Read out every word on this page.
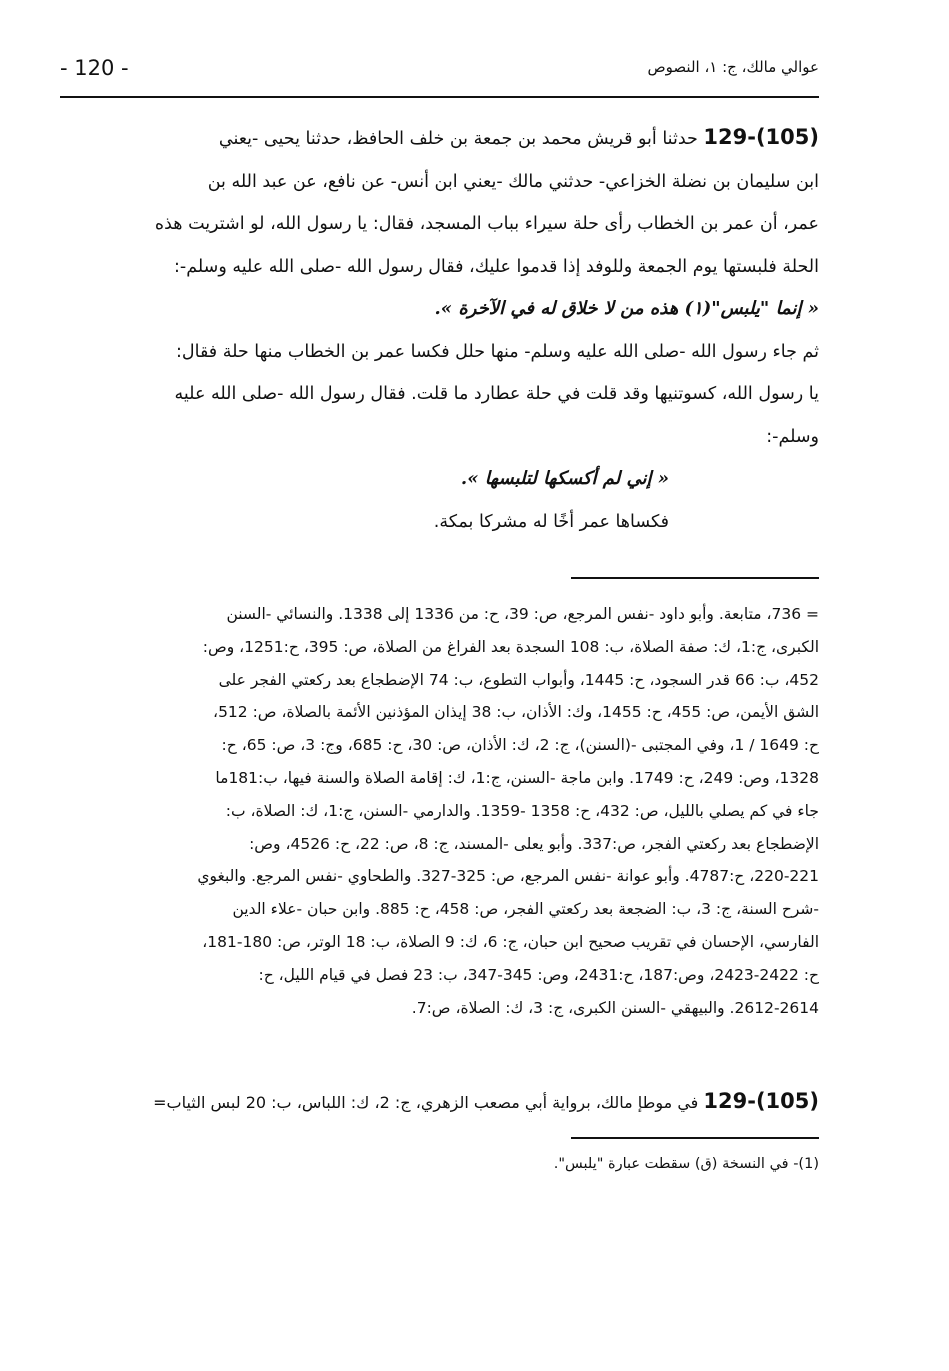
- 120 -	عوالي مالك، ج: ١، النصوص

129-(105) حدثنا أبو قريش محمد بن جمعة بن خلف الحافظ، حدثنا يحيى -يعني

ابن سليمان بن نضلة الخزاعي- حدثني مالك -يعني ابن أنس- عن نافع، عن عبد الله بن

عمر، أن عمر بن الخطاب رأى حلة سيراء بباب المسجد، فقال: يا رسول الله، لو اشتريت هذه

الحلة فلبستها يوم الجمعة وللوفد إذا قدموا عليك، فقال رسول الله -صلى الله عليه وسلم-:

« إنما "يلبس"(١) هذه من لا خلاق له في الآخرة ».

ثم جاء رسول الله -صلى الله عليه وسلم- منها حلل فكسا عمر بن الخطاب منها حلة فقال:

يا رسول الله، كسوتنيها وقد قلت في حلة عطارد ما قلت. فقال رسول الله -صلى الله عليه

وسلم-:

« إني لم أكسكها لتلبسها ».

فكساها عمر أخًا له مشركا بمكة.

= 736، متابعة. وأبو داود -نفس المرجع، ص: 39، ح: من 1336 إلى 1338. والنسائي -السنن

الكبرى، ج:1، ك: صفة الصلاة، ب: 108 السجدة بعد الفراغ من الصلاة، ص: 395، ح:1251، وص:

452، ب: 66 قدر السجود، ح: 1445، وأبواب التطوع، ب: 74 الإضطجاع بعد ركعتي الفجر على

الشق الأيمن، ص: 455، ح: 1455، وك: الأذان، ب: 38 إيذان المؤذنين الأئمة بالصلاة، ص: 512،

ح: 1649 / 1، وفي المجتبى -(السنن)، ج: 2، ك: الأذان، ص: 30، ح: 685، وج: 3، ص: 65، ح:

1328، وص: 249، ح: 1749. وابن ماجة -السنن، ج:1، ك: إقامة الصلاة والسنة فيها، ب:181ما

جاء في كم يصلي بالليل، ص: 432، ح: 1358 -1359. والدارمي -السنن، ج:1، ك: الصلاة، ب:

الإضطجاع بعد ركعتي الفجر، ص:337. وأبو يعلى -المسند، ج: 8، ص: 22، ح: 4526، وص:

220-221، ح:4787. وأبو عوانة -نفس المرجع، ص: 325-327. والطحاوي -نفس المرجع. والبغوي

-شرح السنة، ج: 3، ب: الضجعة بعد ركعتي الفجر، ص: 458، ح: 885. وابن حبان -علاء الدين

الفارسي، الإحسان في تقريب صحيح ابن حبان، ج: 6، ك: 9 الصلاة، ب: 18 الوتر، ص: 180-181،

ح: 2422-2423، وص:187، ح:2431، وص: 345-347، ب: 23 فصل في قيام الليل، ح:

2612-2614. والبيهقي -السنن الكبرى، ج: 3، ك: الصلاة، ص:7.

129-(105) في موطإ مالك، برواية أبي مصعب الزهري، ج: 2، ك: اللباس، ب: 20 لبس الثياب=
(1)- في النسخة (ق) سقطت عبارة "يلبس".
